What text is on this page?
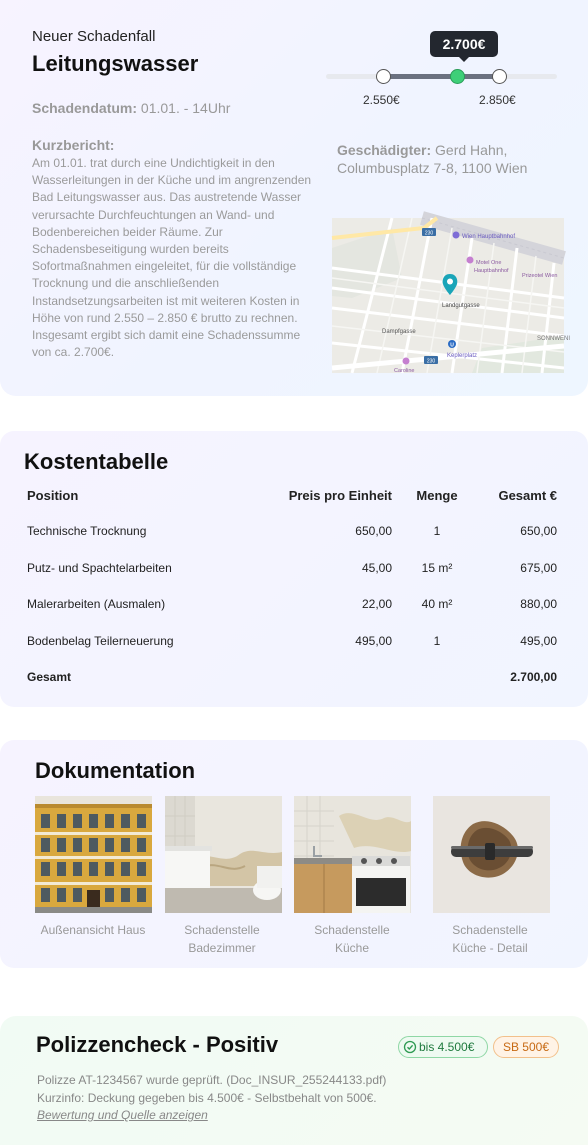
Neuer Schadenfall
Leitungswasser
Schadendatum: 01.01. - 14Uhr
Kurzbericht:
Am 01.01. trat durch eine Undichtigkeit in den Wasserleitungen in der Küche und im angrenzenden Bad Leitungswasser aus. Das austretende Wasser verursachte Durchfeuchtungen an Wand- und Bodenbereichen beider Räume. Zur Schadensbeseitigung wurden bereits Sofortmaßnahmen eingeleitet, für die vollständige Trocknung und die anschließenden Instandsetzungsarbeiten ist mit weiteren Kosten in Höhe von rund 2.550 – 2.850 € brutto zu rechnen. Insgesamt ergibt sich damit eine Schadenssumme von ca. 2.700€.
2.700€
2.550€	2.850€
Geschädigter: Gerd Hahn,
Columbusplatz 7-8, 1100 Wien
230
230
Wien Hauptbahnhof
Motel One
Hauptbahnhof
Prizeotel Wien
Landgutgasse
Dampfgasse
U
Keplerplatz
SONNWENI
Caroline
Kostentabelle
Position	Preis pro Einheit	Menge	Gesamt €
Technische Trocknung	650,00	1	650,00
Putz- und Spachtelarbeiten	45,00	15 m²	675,00
Malerarbeiten (Ausmalen)	22,00	40 m²	880,00
Bodenbelag Teilerneuerung	495,00	1	495,00
Gesamt			2.700,00
Dokumentation
Außenansicht Haus	Schadenstelle
Badezimmer
Schadenstelle
Küche
Schadenstelle
Küche - Detail
Polizzencheck - Positiv	bis 4.500€	SB 500€
Polizze AT-1234567 wurde geprüft. (Doc_INSUR_255244133.pdf)
Kurzinfo: Deckung gegeben bis 4.500€ - Selbstbehalt von 500€.
Bewertung und Quelle anzeigen
